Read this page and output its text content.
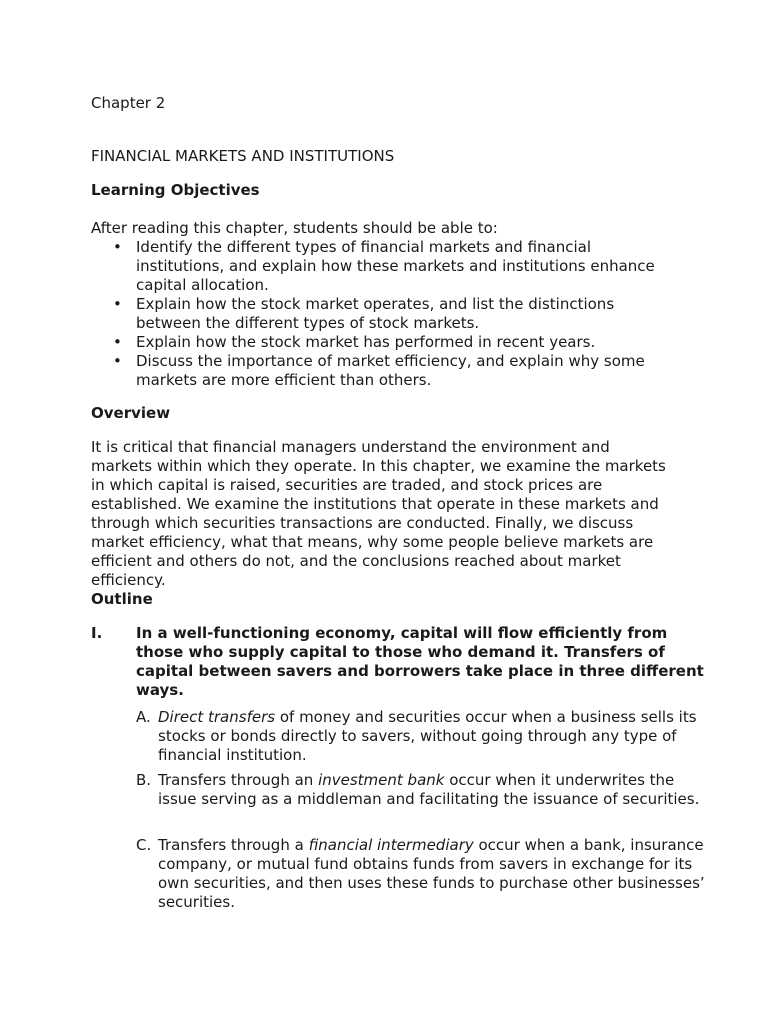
Chapter 2

FINANCIAL MARKETS AND INSTITUTIONS

Learning Objectives

After reading this chapter, students should be able to:

• Identify the different types of financial markets and financial institutions, and explain how these markets and institutions enhance capital allocation.
• Explain how the stock market operates, and list the distinctions between the different types of stock markets.
• Explain how the stock market has performed in recent years.
• Discuss the importance of market efficiency, and explain why some markets are more efficient than others.

Overview

It is critical that financial managers understand the environment and markets within which they operate. In this chapter, we examine the markets in which capital is raised, securities are traded, and stock prices are established. We examine the institutions that operate in these markets and through which securities transactions are conducted. Finally, we discuss market efficiency, what that means, why some people believe markets are efficient and others do not, and the conclusions reached about market efficiency.

Outline

I. In a well-functioning economy, capital will flow efficiently from those who supply capital to those who demand it. Transfers of capital between savers and borrowers take place in three different ways.
A. Direct transfers of money and securities occur when a business sells its stocks or bonds directly to savers, without going through any type of financial institution.
B. Transfers through an investment bank occur when it underwrites the issue serving as a middleman and facilitating the issuance of securities.
C. Transfers through a financial intermediary occur when a bank, insurance company, or mutual fund obtains funds from savers in exchange for its own securities, and then uses these funds to purchase other businesses’ securities.
